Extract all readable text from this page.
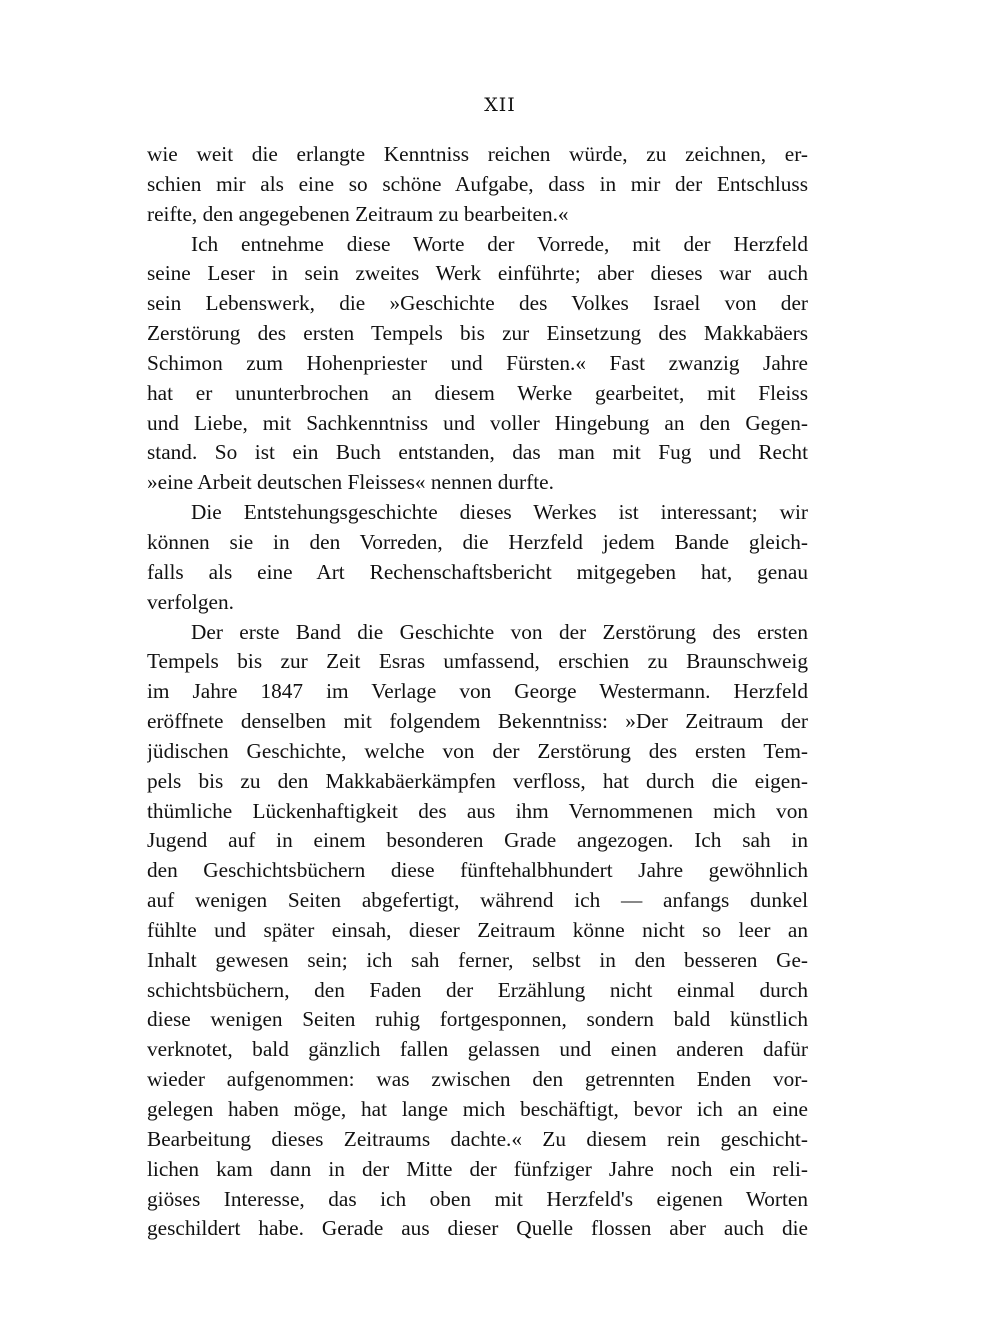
XII
wie weit die erlangte Kenntniss reichen würde, zu zeichnen, er-
schien mir als eine so schöne Aufgabe, dass in mir der Entschluss
reifte, den angegebenen Zeitraum zu bearbeiten.«
Ich entnehme diese Worte der Vorrede, mit der Herzfeld
seine Leser in sein zweites Werk einführte; aber dieses war auch
sein Lebenswerk, die »Geschichte des Volkes Israel von der
Zerstörung des ersten Tempels bis zur Einsetzung des Makkabäers
Schimon zum Hohenpriester und Fürsten.« Fast zwanzig Jahre
hat er ununterbrochen an diesem Werke gearbeitet, mit Fleiss
und Liebe, mit Sachkenntniss und voller Hingebung an den Gegen-
stand. So ist ein Buch entstanden, das man mit Fug und Recht
»eine Arbeit deutschen Fleisses« nennen durfte.
Die Entstehungsgeschichte dieses Werkes ist interessant; wir
können sie in den Vorreden, die Herzfeld jedem Bande gleich-
falls als eine Art Rechenschaftsbericht mitgegeben hat, genau
verfolgen.
Der erste Band die Geschichte von der Zerstörung des ersten
Tempels bis zur Zeit Esras umfassend, erschien zu Braunschweig
im Jahre 1847 im Verlage von George Westermann. Herzfeld
eröffnete denselben mit folgendem Bekenntniss: »Der Zeitraum der
jüdischen Geschichte, welche von der Zerstörung des ersten Tem-
pels bis zu den Makkabäerkämpfen verfloss, hat durch die eigen-
thümliche Lückenhaftigkeit des aus ihm Vernommenen mich von
Jugend auf in einem besonderen Grade angezogen. Ich sah in
den Geschichtsbüchern diese fünftehalbhundert Jahre gewöhnlich
auf wenigen Seiten abgefertigt, während ich — anfangs dunkel
fühlte und später einsah, dieser Zeitraum könne nicht so leer an
Inhalt gewesen sein; ich sah ferner, selbst in den besseren Ge-
schichtsbüchern, den Faden der Erzählung nicht einmal durch
diese wenigen Seiten ruhig fortgesponnen, sondern bald künstlich
verknotet, bald gänzlich fallen gelassen und einen anderen dafür
wieder aufgenommen: was zwischen den getrennten Enden vor-
gelegen haben möge, hat lange mich beschäftigt, bevor ich an eine
Bearbeitung dieses Zeitraums dachte.« Zu diesem rein geschicht-
lichen kam dann in der Mitte der fünfziger Jahre noch ein reli-
giöses Interesse, das ich oben mit Herzfeld's eigenen Worten
geschildert habe. Gerade aus dieser Quelle flossen aber auch die
